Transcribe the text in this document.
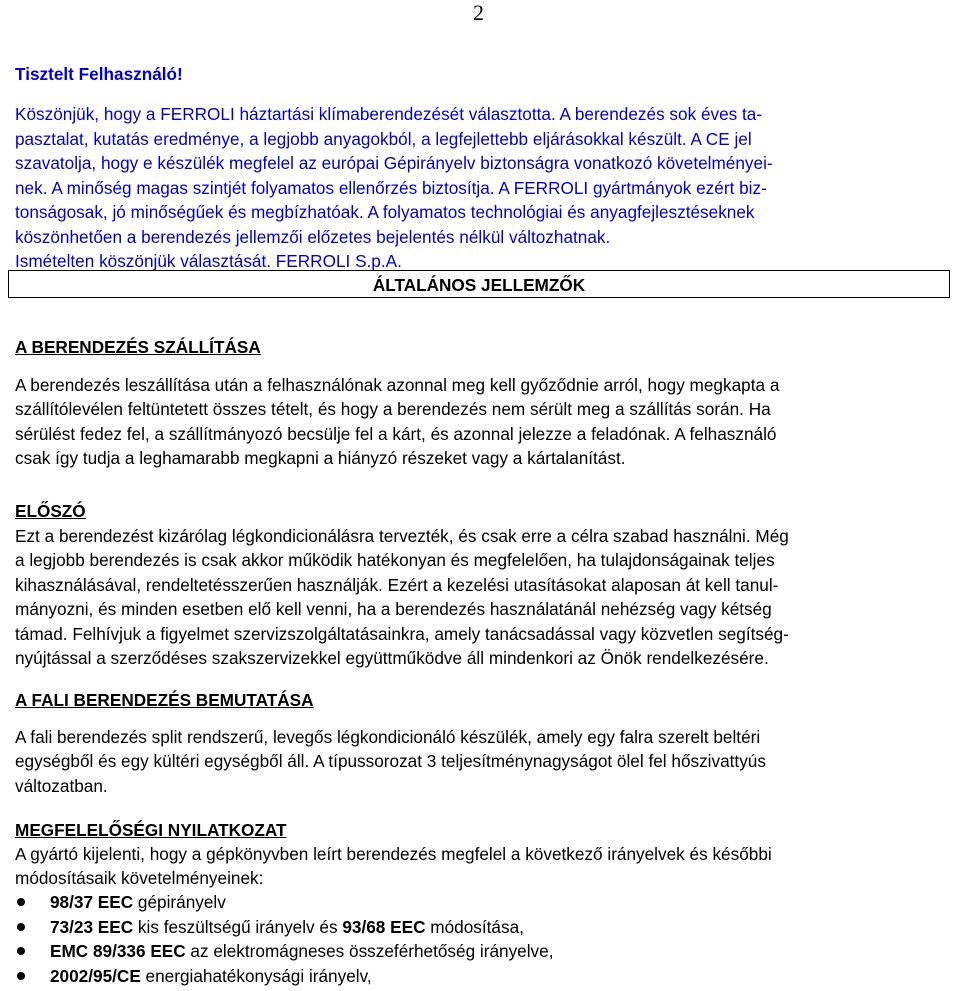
2

Tisztelt Felhasználó!

Köszönjük, hogy a FERROLI háztartási klímaberendezését választotta. A berendezés sok éves ta-
pasztalat, kutatás eredménye, a legjobb anyagokból, a legfejlettebb eljárásokkal készült. A CE jel
szavatolja, hogy e készülék megfelel az európai Gépirányelv biztonságra vonatkozó követelményei-
nek. A minőség magas szintjét folyamatos ellenőrzés biztosítja. A FERROLI gyártmányok ezért biz-
tonságosak, jó minőségűek és megbízhatóak. A folyamatos technológiai és anyagfejlesztéseknek
köszönhetően a berendezés jellemzői előzetes bejelentés nélkül változhatnak.
Ismételten köszönjük választását. FERROLI S.p.A.
ÁLTALÁNOS JELLEMZŐK
A BERENDEZÉS SZÁLLÍTÁSA
A berendezés leszállítása után a felhasználónak azonnal meg kell győződnie arról, hogy megkapta a
szállítólevélen feltüntetett összes tételt, és hogy a berendezés nem sérült meg a szállítás során. Ha
sérülést fedez fel, a szállítmányozó becsülje fel a kárt, és azonnal jelezze a feladónak. A felhasználó
csak így tudja a leghamarabb megkapni a hiányzó részeket vagy a kártalanítást.
ELŐSZÓ
Ezt a berendezést kizárólag légkondicionálásra tervezték, és csak erre a célra szabad használni. Még
a legjobb berendezés is csak akkor működik hatékonyan és megfelelően, ha tulajdonságainak teljes
kihasználásával, rendeltetésszerűen használják. Ezért a kezelési utasításokat alaposan át kell tanul-
mányozni, és minden esetben elő kell venni, ha a berendezés használatánál nehézség vagy kétség
támad. Felhívjuk a figyelmet szervizszolgáltatásainkra, amely tanácsadással vagy közvetlen segítség-
nyújtással a szerződéses szakszervizekkel együttműködve áll mindenkori az Önök rendelkezésére.
A FALI BERENDEZÉS BEMUTATÁSA
A fali berendezés split rendszerű, levegős légkondicionáló készülék, amely egy falra szerelt beltéri
egységből és egy kültéri egységből áll. A típussorozat 3 teljesítménynagyságot ölel fel hőszivattyús
változatban.
MEGFELELŐSÉGI NYILATKOZAT
A gyártó kijelenti, hogy a gépkönyvben leírt berendezés megfelel a következő irányelvek és későbbi
módosításaik követelményeinek:
98/37 EEC gépirányelv
73/23 EEC kis feszültségű irányelv és 93/68 EEC módosítása,
EMC 89/336 EEC az elektromágneses összeférhetőség irányelve,
2002/95/CE energiahatékonysági irányelv,
